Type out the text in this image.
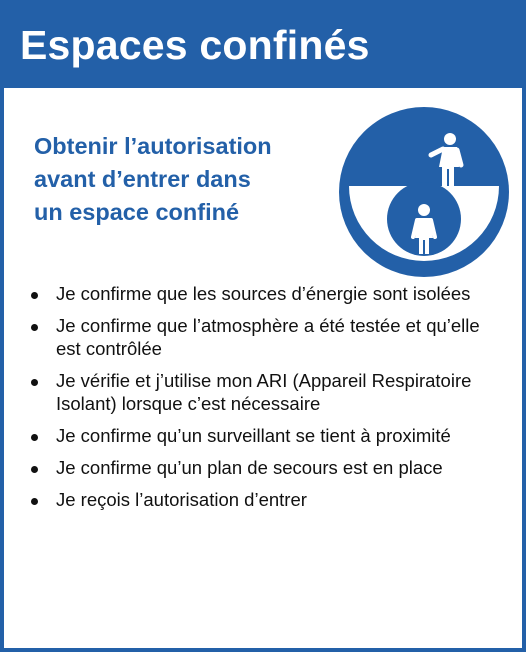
Espaces confinés
Obtenir l’autorisation
avant d’entrer dans
un espace confiné
Je confirme que les sources d’énergie sont isolées
Je confirme que l’atmosphère a été testée et qu’elle est contrôlée
Je vérifie et j’utilise mon ARI (Appareil Respiratoire Isolant) lorsque c’est nécessaire
Je confirme qu’un surveillant se tient à proximité
Je confirme qu’un plan de secours est en place
Je reçois l’autorisation d’entrer
